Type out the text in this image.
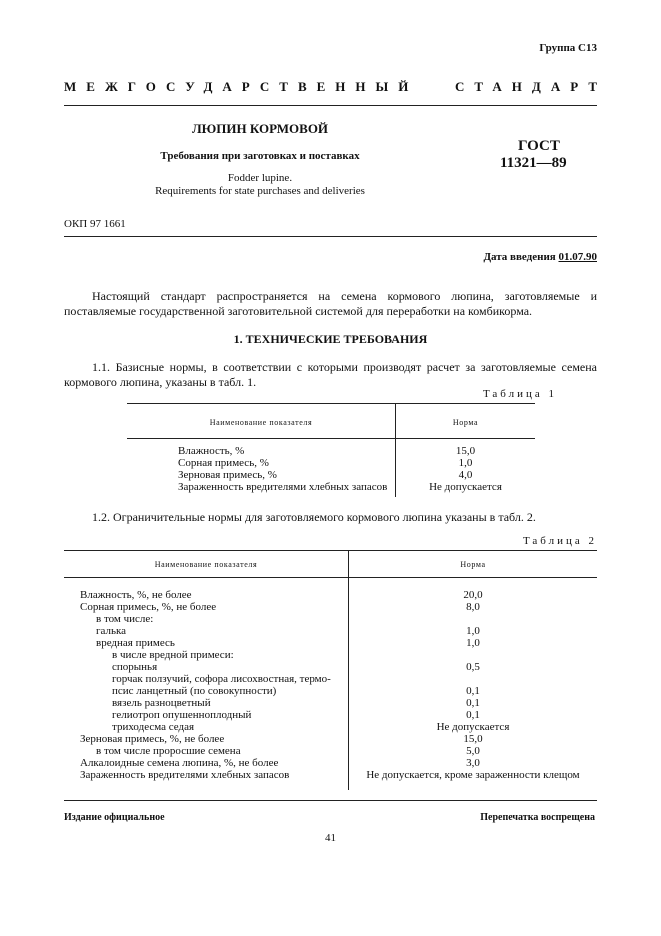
Группа С13
МЕЖГОСУДАРСТВЕННЫЙ	СТАНДАРТ
ЛЮПИН КОРМОВОЙ
Требования при заготовках и поставках
Fodder lupine.
Requirements for state purchases and deliveries
ГОСТ
11321—89
ОКП 97 1661
Дата введения 01.07.90
Настоящий стандарт распространяется на семена кормового люпина, заготовляемые и поставляемые государственной заготовительной системой для переработки на комбикорма.
1. ТЕХНИЧЕСКИЕ ТРЕБОВАНИЯ
1.1. Базисные нормы, в соответствии с которыми производят расчет за заготовляемые семена кормового люпина, указаны в табл. 1.
Таблица 1
Наименование показателя	Норма
Влажность, %	15,0
Сорная примесь, %	1,0
Зерновая примесь, %	4,0
Зараженность вредителями хлебных запасов	Не допускается
1.2. Ограничительные нормы для заготовляемого кормового люпина указаны в табл. 2.
Таблица 2
Наименование показателя	Норма
Влажность, %, не более	20,0
Сорная примесь, %, не более	8,0
в том числе:
галька	1,0
вредная примесь	1,0
в числе вредной примеси:
спорынья	0,5
горчак ползучий, софора лисохвостная, термо-
псис ланцетный (по совокупности)	0,1
вязель разноцветный	0,1
гелиотроп опушенноплодный	0,1
триходесма седая	Не допускается
Зерновая примесь, %, не более	15,0
в том числе проросшие семена	5,0
Алкалоидные семена люпина, %, не более	3,0
Зараженность вредителями хлебных запасов	Не допускается, кроме зараженности клещом
Издание официальное	Перепечатка воспрещена
41
